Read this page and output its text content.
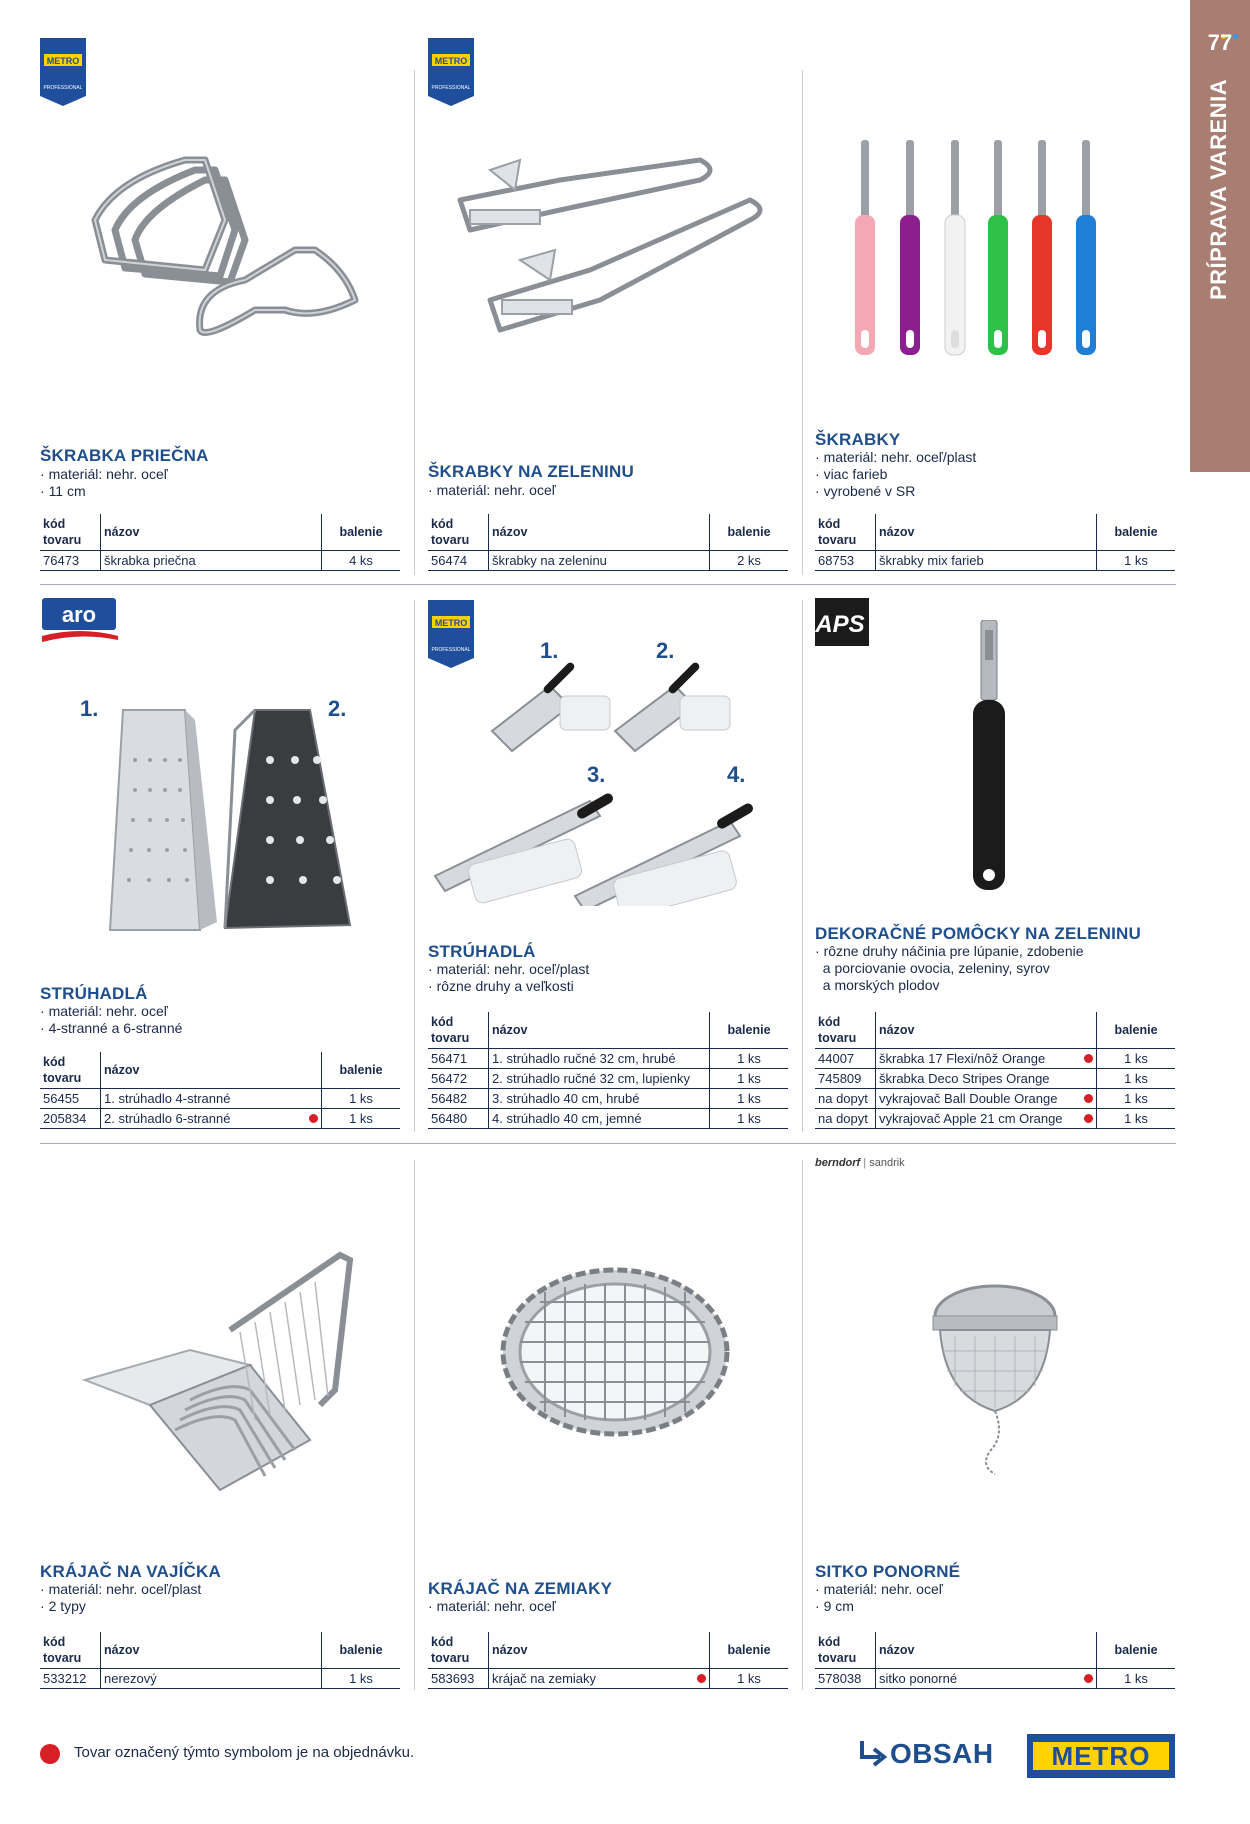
77
PRÍPRAVA VARENIA
METRO
PROFESSIONAL
ŠKRABKA PRIEČNA
· materiál: nehr. oceľ
· 11 cm
kód tovaru	názov	balenie
76473	škrabka priečna	4 ks
METRO
PROFESSIONAL
ŠKRABKY NA ZELENINU
· materiál: nehr. oceľ
kód tovaru	názov	balenie
56474	škrabky na zeleninu	2 ks
ŠKRABKY
· materiál: nehr. oceľ/plast
· viac farieb
· vyrobené v SR
kód tovaru	názov	balenie
68753	škrabky mix farieb	1 ks
aro
1.	2.
STRÚHADLÁ
· materiál: nehr. oceľ
· 4-stranné a 6-stranné
kód tovaru	názov	balenie
56455	1. strúhadlo 4-stranné	1 ks
205834	2. strúhadlo 6-stranné	1 ks
METRO
PROFESSIONAL	1.	2.
3.	4.
STRÚHADLÁ
· materiál: nehr. oceľ/plast
· rôzne druhy a veľkosti
kód tovaru	názov	balenie
56471	1. strúhadlo ručné 32 cm, hrubé	1 ks
56472	2. strúhadlo ručné 32 cm, lupienky	1 ks
56482	3. strúhadlo 40 cm, hrubé	1 ks
56480	4. strúhadlo 40 cm, jemné	1 ks
APS
DEKORAČNÉ POMÔCKY NA ZELENINU
· rôzne druhy náčinia pre lúpanie, zdobenie
a porciovanie ovocia, zeleniny, syrov
a morských plodov
kód tovaru	názov	balenie
44007	škrabka 17 Flexi/nôž Orange	1 ks
745809	škrabka Deco Stripes Orange	1 ks
na dopyt	vykrajovač Ball Double Orange	1 ks
na dopyt	vykrajovač Apple 21 cm Orange	1 ks
KRÁJAČ NA VAJÍČKA
· materiál: nehr. oceľ/plast
· 2 typy
kód tovaru	názov	balenie
533212	nerezový	1 ks
KRÁJAČ NA ZEMIAKY
· materiál: nehr. oceľ
kód tovaru	názov	balenie
583693	krájač na zemiaky	1 ks
berndorf | sandrik
SITKO PONORNÉ
· materiál: nehr. oceľ
· 9 cm
kód tovaru	názov	balenie
578038	sitko ponorné	1 ks
Tovar označený týmto symbolom je na objednávku.	OBSAH	METRO
